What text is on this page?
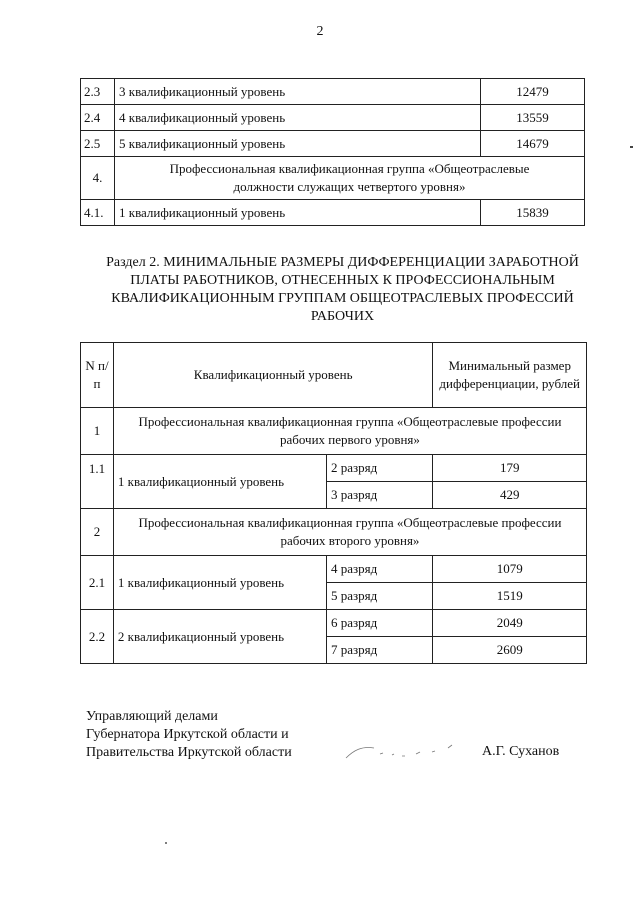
2
2.3	3 квалификационный уровень	12479
2.4	4 квалификационный уровень	13559
2.5	5 квалификационный уровень	14679
4.	Профессиональная квалификационная группа «Общеотраслевые должности служащих четвертого уровня»	
4.1.	1 квалификационный уровень	15839
Раздел 2. МИНИМАЛЬНЫЕ РАЗМЕРЫ ДИФФЕРЕНЦИАЦИИ ЗАРАБОТНОЙ ПЛАТЫ РАБОТНИКОВ, ОТНЕСЕННЫХ К ПРОФЕССИОНАЛЬНЫМ КВАЛИФИКАЦИОННЫМ ГРУППАМ ОБЩЕОТРАСЛЕВЫХ ПРОФЕССИЙ РАБОЧИХ
N п/п	Квалификационный уровень		Минимальный размер дифференциации, рублей
1	Профессиональная квалификационная группа «Общеотраслевые профессии рабочих первого уровня»		
1.1	1 квалификационный уровень	2 разряд	179
		3 разряд	429
2	Профессиональная квалификационная группа «Общеотраслевые профессии рабочих второго уровня»		
2.1	1 квалификационный уровень	4 разряд	1079
		5 разряд	1519
2.2	2 квалификационный уровень	6 разряд	2049
		7 разряд	2609
Управляющий делами
Губернатора Иркутской области и
Правительства Иркутской области	А.Г. Суханов
